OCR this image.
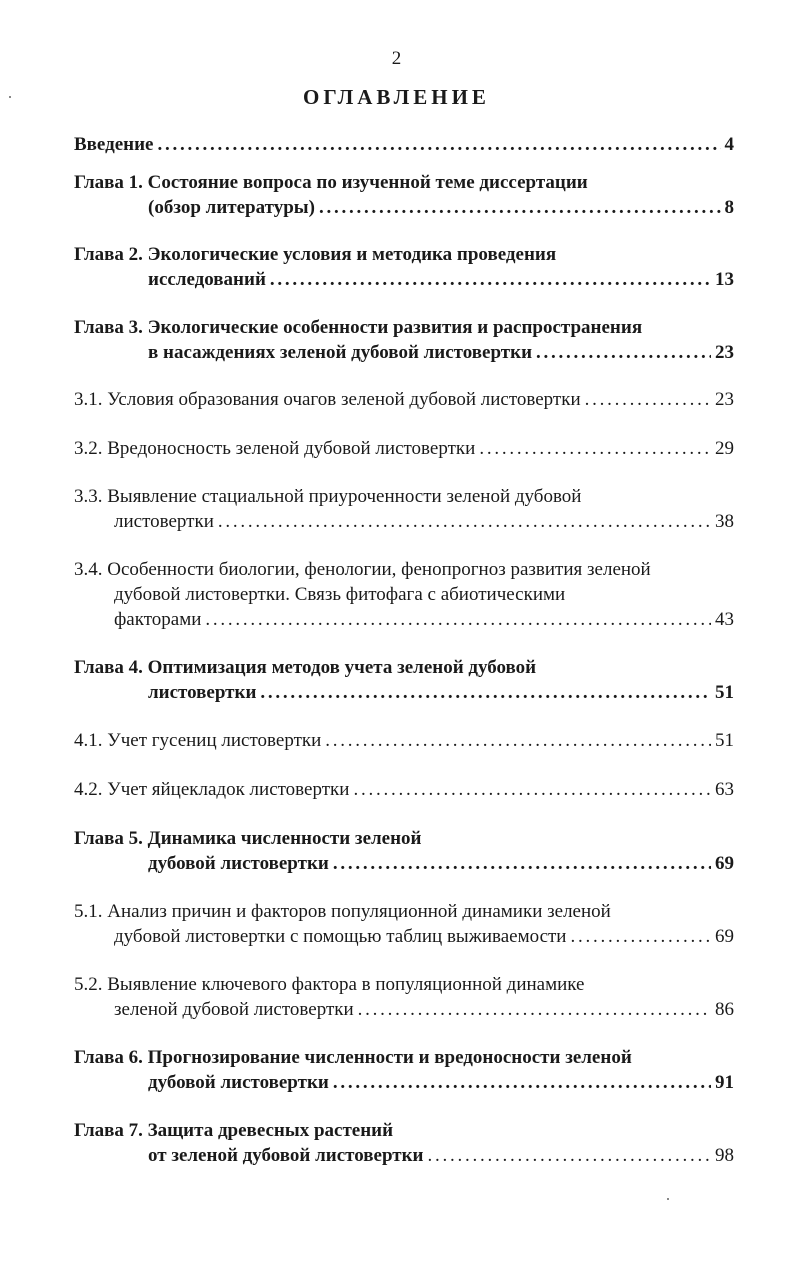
2
ОГЛАВЛЕНИЕ
Введение . . .	4
Глава 1. Состояние вопроса по изученной теме диссертации
(обзор литературы) . . .	8
Глава 2. Экологические условия и методика проведения
исследований . . .	13
Глава 3. Экологические особенности развития и распространения
в насаждениях зеленой дубовой листовертки . . .	23
3.1. Условия образования очагов зеленой дубовой листовертки . . .	23
3.2. Вредоносность зеленой дубовой листовертки . . .	29
3.3. Выявление стациальной приуроченности зеленой дубовой
листовертки . . .	38
3.4. Особенности биологии, фенологии, фенопрогноз развития зеленой
дубовой листовертки. Связь фитофага с абиотическими
факторами . . .	43
Глава 4. Оптимизация методов учета зеленой дубовой
листовертки . . .	51
4.1. Учет гусениц листовертки . . .	51
4.2. Учет яйцекладок листовертки . . .	63
Глава 5. Динамика численности зеленой
дубовой листовертки . . .	69
5.1. Анализ причин и факторов популяционной динамики зеленой
дубовой листовертки с помощью таблиц выживаемости . . .	69
5.2. Выявление ключевого фактора в популяционной динамике
зеленой дубовой листовертки . . .	86
Глава 6. Прогнозирование численности и вредоносности зеленой
дубовой листовертки . . .	91
Глава 7. Защита древесных растений
от зеленой дубовой листовертки . . .	98
